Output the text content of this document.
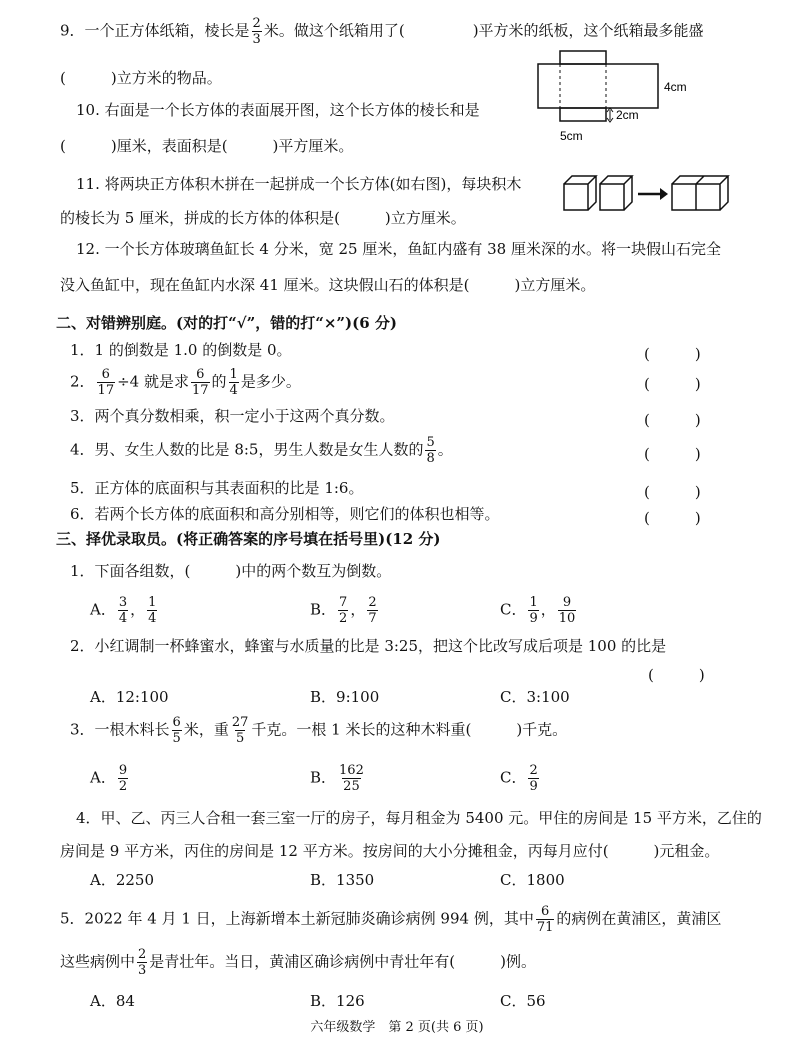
9．一个正方体纸箱，棱长是 $\frac{2}{3}$ 米。做这个纸箱用了(	)平方米的纸板，这个纸箱最多能盛
(　　　)立方米的物品。
10. 右面是一个长方体的表面展开图，这个长方体的棱长和是
(　　　)厘米，表面积是(　　　)平方厘米。
4cm
2cm
5cm
11. 将两块正方体积木拼在一起拼成一个长方体(如右图)，每块积木
的棱长为 5 厘米，拼成的长方体的体积是(　　　)立方厘米。
12. 一个长方体玻璃鱼缸长 4 分米，宽 25 厘米，鱼缸内盛有 38 厘米深的水。将一块假山石完全
没入鱼缸中，现在鱼缸内水深 41 厘米。这块假山石的体积是(　　　)立方厘米。
二、对错辨别庭。(对的打“√”，错的打“×”)(6 分)
1．1 的倒数是 1.0 的倒数是 0。	(　　　)
2． $\frac{6}{17} \div 4$ 就是求 $\frac{6}{17}$ 的 $\frac{1}{4}$ 是多少。	(　　　)
3．两个真分数相乘，积一定小于这两个真分数。	(　　　)
4．男、女生人数的比是 8:5，男生人数是女生人数的 $\frac{5}{8}$ 。	(　　　)
5．正方体的底面积与其表面积的比是 1:6。	(　　　)
6．若两个长方体的底面积和高分别相等，则它们的体积也相等。	(　　　)
三、择优录取员。(将正确答案的序号填在括号里)(12 分)
1．下面各组数，(　　　)中的两个数互为倒数。
A． $\frac{3}{4}$ ， $\frac{1}{4}$	B． $\frac{7}{2}$ ， $\frac{2}{7}$	C． $\frac{1}{9}$ ， $\frac{9}{10}$
2．小红调制一杯蜂蜜水，蜂蜜与水质量的比是 3:25，把这个比改写成后项是 100 的比是
(　　　)
A．12:100	B．9:100	C．3:100
3．一根木料长 $\frac{6}{5}$ 米，重 $\frac{27}{5}$ 千克。一根 1 米长的这种木料重(　　　)千克。
A． $\frac{9}{2}$	B． $\frac{162}{25}$	C． $\frac{2}{9}$
4．甲、乙、丙三人合租一套三室一厅的房子，每月租金为 5400 元。甲住的房间是 15 平方米，乙住的
房间是 9 平方米，丙住的房间是 12 平方米。按房间的大小分摊租金，丙每月应付(　　　)元租金。
A．2250	B．1350	C．1800
5．2022 年 4 月 1 日，上海新增本土新冠肺炎确诊病例 994 例，其中 $\frac{6}{71}$ 的病例在黄浦区，黄浦区
这些病例中 $\frac{2}{3}$ 是青壮年。当日，黄浦区确诊病例中青壮年有(　　　)例。
A．84	B．126	C．56
六年级数学　第 2 页(共 6 页)
